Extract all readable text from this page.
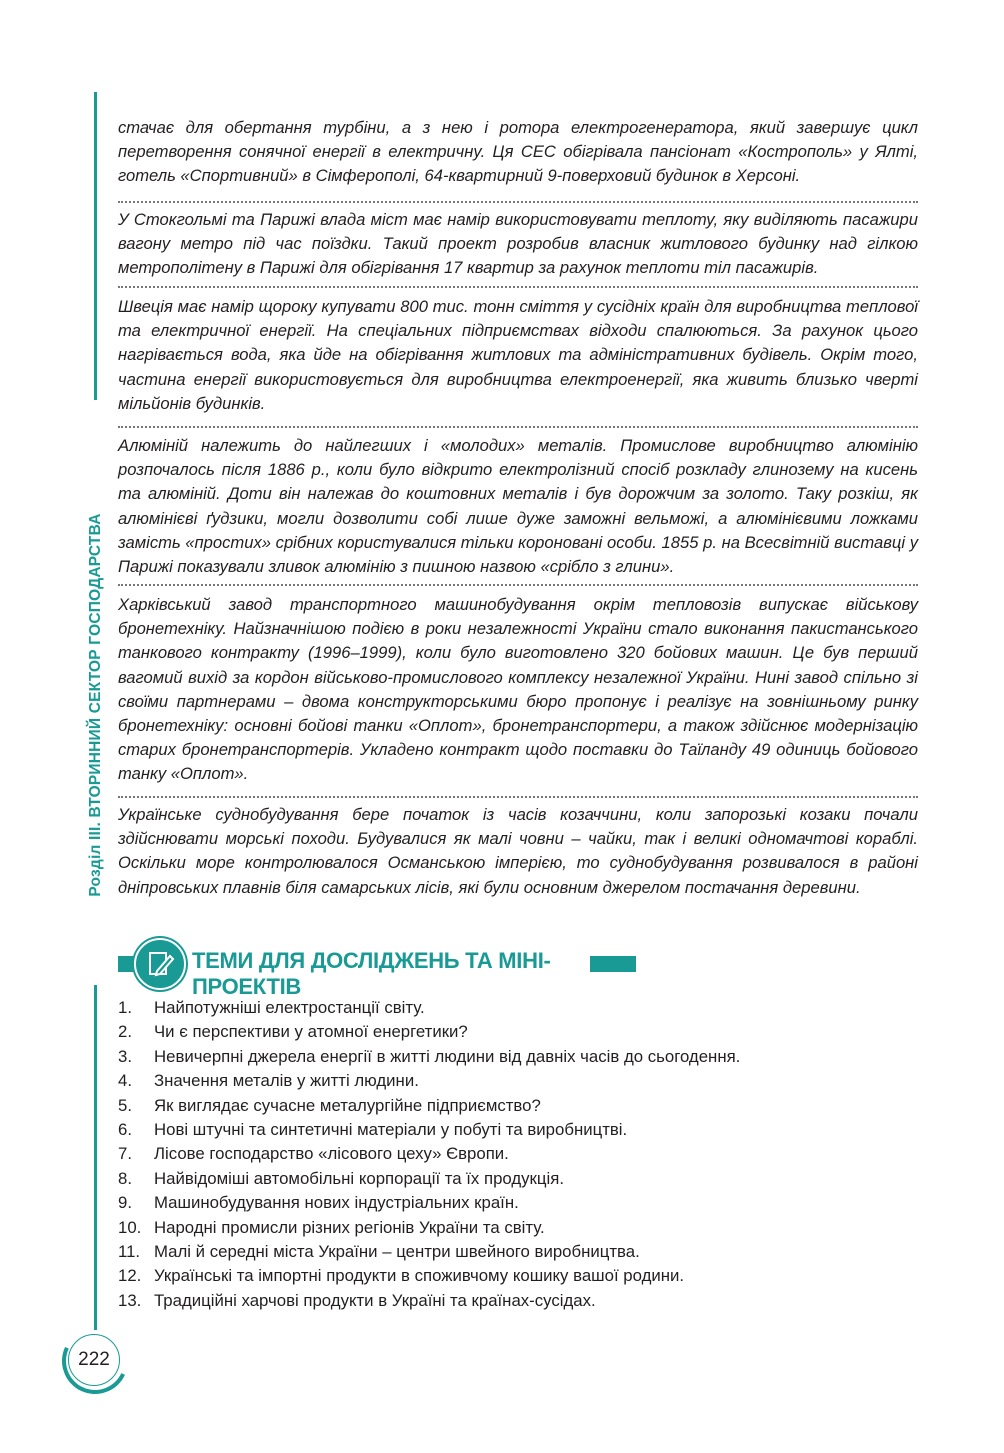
Розділ III. ВТОРИННИЙ СЕКТОР ГОСПОДАРСТВА
стачає для обертання турбіни, а з нею і ротора електрогенератора, який завершує цикл перетворення сонячної енергії в електричну. Ця СЕС обігрівала пансіонат «Кострополь» у Ялті, готель «Спортивний» в Сімферополі, 64-квартирний 9-поверховий будинок в Херсоні.
У Стокгольмі та Парижі влада міст має намір використовувати теплоту, яку виділяють пасажири вагону метро під час поїздки. Такий проект розробив власник житлового будинку над гілкою метрополітену в Парижі для обігрівання 17 квартир за рахунок теплоти тіл пасажирів.
Швеція має намір щороку купувати 800 тис. тонн сміття у сусідніх країн для виробництва теплової та електричної енергії. На спеціальних підприємствах відходи спалюються. За рахунок цього нагрівається вода, яка йде на обігрівання житлових та адміністративних будівель. Окрім того, частина енергії використовується для виробництва електроенергії, яка живить близько чверті мільйонів будинків.
Алюміній належить до найлегших і «молодих» металів. Промислове виробництво алюмінію розпочалось після 1886 р., коли було відкрито електролізний спосіб розкладу глинозему на кисень та алюміній. Доти він належав до коштовних металів і був дорожчим за золото. Таку розкіш, як алюмінієві ґудзики, могли дозволити собі лише дуже заможні вельможі, а алюмінієвими ложками замість «простих» срібних користувалися тільки короновані особи. 1855 р. на Всесвітній виставці у Парижі показували зливок алюмінію з пишною назвою «срібло з глини».
Харківський завод транспортного машинобудування окрім тепловозів випускає військову бронетехніку. Найзначнішою подією в роки незалежності України стало виконання пакистанського танкового контракту (1996–1999), коли було виготовлено 320 бойових машин. Це був перший вагомий вихід за кордон військово-промислового комплексу незалежної України. Нині завод спільно зі своїми партнерами – двома конструкторськими бюро пропонує і реалізує на зовнішньому ринку бронетехніку: основні бойові танки «Оплот», бронетранспортери, а також здійснює модернізацію старих бронетранспортерів. Укладено контракт щодо поставки до Таїланду 49 одиниць бойового танку «Оплот».
Українське суднобудування бере початок із часів козаччини, коли запорозькі козаки почали здійснювати морські походи. Будувалися як малі човни – чайки, так і великі одномачтові кораблі. Оскільки море контролювалося Османською імперією, то суднобудування розвивалося в районі дніпровських плавнів біля самарських лісів, які були основним джерелом постачання деревини.
ТЕМИ ДЛЯ ДОСЛІДЖЕНЬ ТА МІНІ-ПРОЕКТІВ
1.	Найпотужніші електростанції світу.
2.	Чи є перспективи у атомної енергетики?
3.	Невичерпні джерела енергії в житті людини від давніх часів до сьогодення.
4.	Значення металів у житті людини.
5.	Як виглядає сучасне металургійне підприємство?
6.	Нові штучні та синтетичні матеріали у побуті та виробництві.
7.	Лісове господарство «лісового цеху» Європи.
8.	Найвідоміші автомобільні корпорації та їх продукція.
9.	Машинобудування нових індустріальних країн.
10. Народні промисли різних регіонів України та світу.
11. Малі й середні міста України – центри швейного виробництва.
12. Українські та імпортні продукти в споживчому кошику вашої родини.
13. Традиційні харчові продукти в Україні та країнах-сусідах.
222
